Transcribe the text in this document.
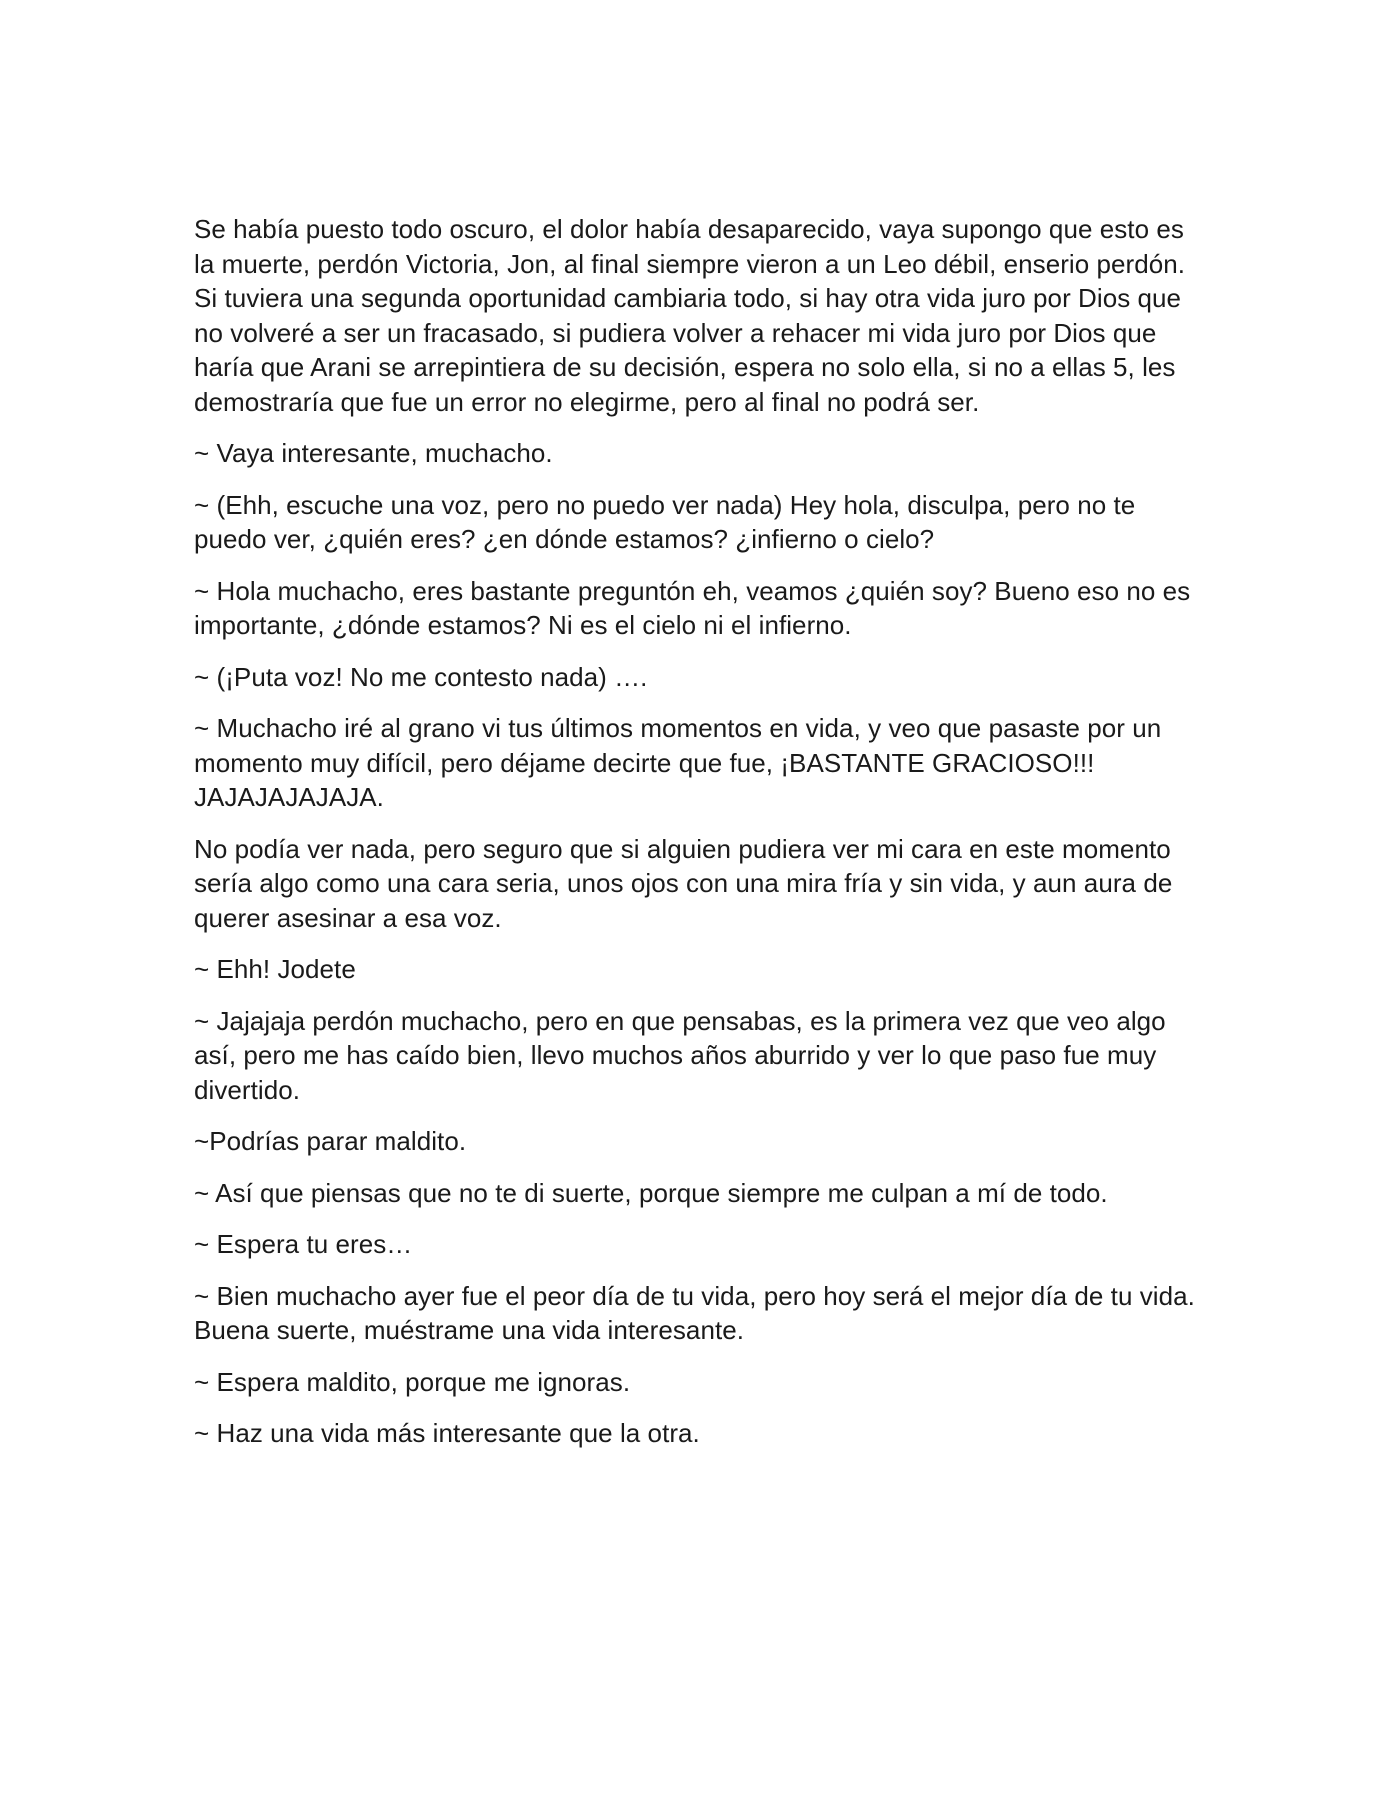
Se había puesto todo oscuro, el dolor había desaparecido, vaya supongo que esto es la muerte, perdón Victoria, Jon, al final siempre vieron a un Leo débil, enserio perdón. Si tuviera una segunda oportunidad cambiaria todo, si hay otra vida juro por Dios que no volveré a ser un fracasado, si pudiera volver a rehacer mi vida juro por Dios que haría que Arani se arrepintiera de su decisión, espera no solo ella, si no a ellas 5, les demostraría que fue un error no elegirme, pero al final no podrá ser.

~ Vaya interesante, muchacho.

~ (Ehh, escuche una voz, pero no puedo ver nada) Hey hola, disculpa, pero no te puedo ver, ¿quién eres? ¿en dónde estamos? ¿infierno o cielo?

~ Hola muchacho, eres bastante preguntón eh, veamos ¿quién soy? Bueno eso no es importante, ¿dónde estamos? Ni es el cielo ni el infierno.

~ (¡Puta voz! No me contesto nada) ….

~ Muchacho iré al grano vi tus últimos momentos en vida, y veo que pasaste por un momento muy difícil, pero déjame decirte que fue, ¡BASTANTE GRACIOSO!!! JAJAJAJAJAJA.

No podía ver nada, pero seguro que si alguien pudiera ver mi cara en este momento sería algo como una cara seria, unos ojos con una mira fría y sin vida, y aun aura de querer asesinar a esa voz.

~ Ehh! Jodete

~ Jajajaja perdón muchacho, pero en que pensabas, es la primera vez que veo algo así, pero me has caído bien, llevo muchos años aburrido y ver lo que paso fue muy divertido.

~Podrías parar maldito.

~ Así que piensas que no te di suerte, porque siempre me culpan a mí de todo.

~ Espera tu eres…

~ Bien muchacho ayer fue el peor día de tu vida, pero hoy será el mejor día de tu vida. Buena suerte, muéstrame una vida interesante.

~ Espera maldito, porque me ignoras.

~ Haz una vida más interesante que la otra.
